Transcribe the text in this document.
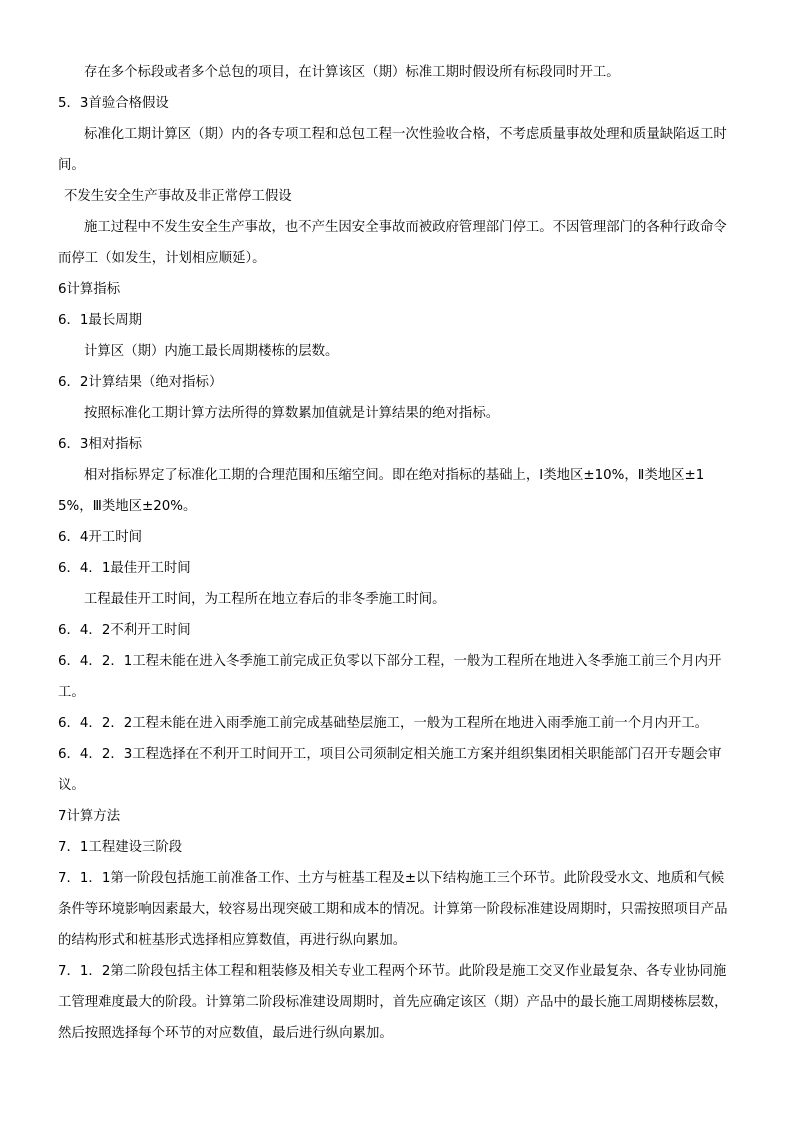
存在多个标段或者多个总包的项目，在计算该区（期）标准工期时假设所有标段同时开工。

5．3首验合格假设

标准化工期计算区（期）内的各专项工程和总包工程一次性验收合格，不考虑质量事故处理和质量缺陷返工时间。

不发生安全生产事故及非正常停工假设

施工过程中不发生安全生产事故，也不产生因安全事故而被政府管理部门停工。不因管理部门的各种行政命令而停工（如发生，计划相应顺延）。

6计算指标

6．1最长周期

计算区（期）内施工最长周期楼栋的层数。

6．2计算结果（绝对指标）

按照标准化工期计算方法所得的算数累加值就是计算结果的绝对指标。

6．3相对指标

相对指标界定了标准化工期的合理范围和压缩空间。即在绝对指标的基础上，Ⅰ类地区±10%，Ⅱ类地区±15%，Ⅲ类地区±20%。

6．4开工时间

6．4．1最佳开工时间

工程最佳开工时间，为工程所在地立春后的非冬季施工时间。

6．4．2不利开工时间

6．4．2．1工程未能在进入冬季施工前完成正负零以下部分工程，一般为工程所在地进入冬季施工前三个月内开工。

6．4．2．2工程未能在进入雨季施工前完成基础垫层施工，一般为工程所在地进入雨季施工前一个月内开工。

6．4．2．3工程选择在不利开工时间开工，项目公司须制定相关施工方案并组织集团相关职能部门召开专题会审议。

7计算方法

7．1工程建设三阶段

7．1．1第一阶段包括施工前准备工作、土方与桩基工程及±以下结构施工三个环节。此阶段受水文、地质和气候条件等环境影响因素最大，较容易出现突破工期和成本的情况。计算第一阶段标准建设周期时，只需按照项目产品的结构形式和桩基形式选择相应算数值，再进行纵向累加。

7．1．2第二阶段包括主体工程和粗装修及相关专业工程两个环节。此阶段是施工交叉作业最复杂、各专业协同施工管理难度最大的阶段。计算第二阶段标准建设周期时，首先应确定该区（期）产品中的最长施工周期楼栋层数，然后按照选择每个环节的对应数值，最后进行纵向累加。
